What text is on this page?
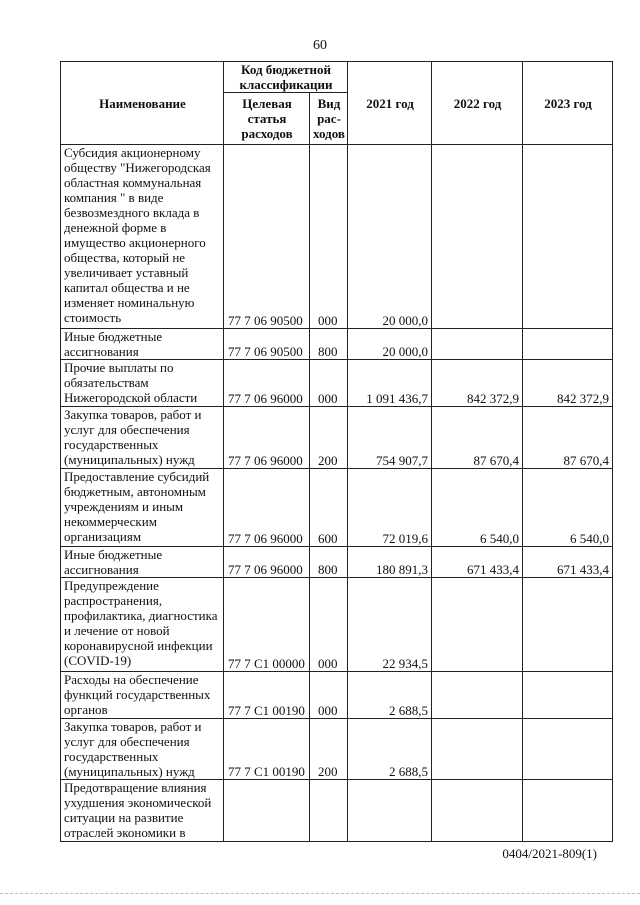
60
Наименование	Код бюджетной классификации		2021 год	2022 год	2023 год
	Целевая статья расходов	Вид рас-ходов			
Субсидия акционерному обществу "Нижегородская областная коммунальная компания " в виде безвозмездного вклада в денежной форме в имущество акционерного общества, который не увеличивает уставный капитал общества и не изменяет номинальную стоимость	77 7 06 90500	000	20 000,0		
Иные бюджетные ассигнования	77 7 06 90500	800	20 000,0		
Прочие выплаты по обязательствам Нижегородской области	77 7 06 96000	000	1 091 436,7	842 372,9	842 372,9
Закупка товаров, работ и услуг для обеспечения государственных (муниципальных) нужд	77 7 06 96000	200	754 907,7	87 670,4	87 670,4
Предоставление субсидий бюджетным, автономным учреждениям и иным некоммерческим организациям	77 7 06 96000	600	72 019,6	6 540,0	6 540,0
Иные бюджетные ассигнования	77 7 06 96000	800	180 891,3	671 433,4	671 433,4
Предупреждение распространения, профилактика, диагностика и лечение от новой коронавирусной инфекции (COVID-19)	77 7 C1 00000	000	22 934,5		
Расходы на обеспечение функций государственных органов	77 7 C1 00190	000	2 688,5		
Закупка товаров, работ и услуг для обеспечения государственных (муниципальных) нужд	77 7 C1 00190	200	2 688,5		
Предотвращение влияния ухудшения экономической ситуации на развитие отраслей экономики в					
0404/2021-809(1)
